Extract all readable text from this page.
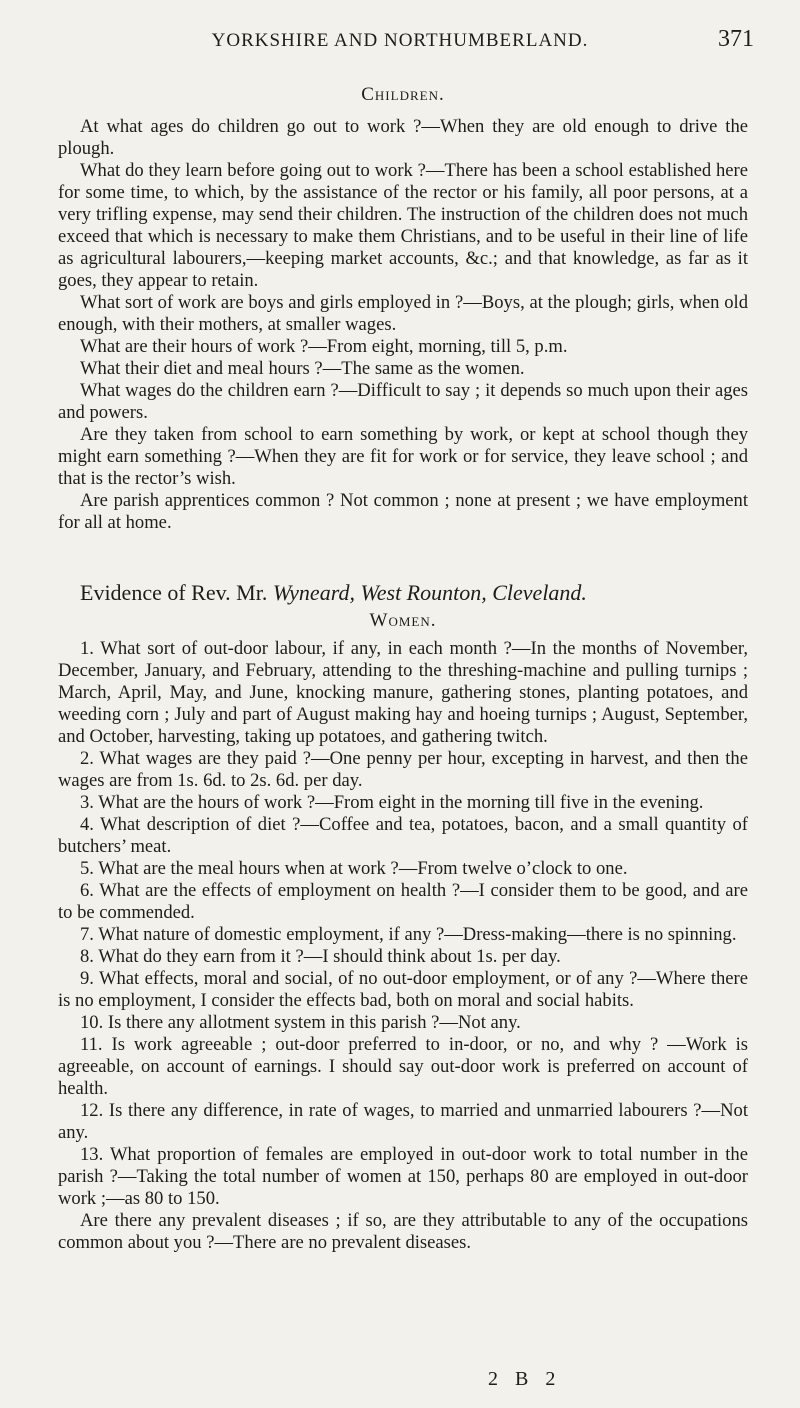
YORKSHIRE AND NORTHUMBERLAND.	371
Children.

At what ages do children go out to work ?—When they are old enough to drive the plough.

What do they learn before going out to work ?—There has been a school established here for some time, to which, by the assistance of the rector or his family, all poor persons, at a very trifling expense, may send their children. The instruction of the children does not much exceed that which is necessary to make them Christians, and to be useful in their line of life as agricultural labourers,—keeping market accounts, &c.; and that knowledge, as far as it goes, they appear to retain.

What sort of work are boys and girls employed in ?—Boys, at the plough; girls, when old enough, with their mothers, at smaller wages.

What are their hours of work ?—From eight, morning, till 5, p.m.

What their diet and meal hours ?—The same as the women.

What wages do the children earn ?—Difficult to say ; it depends so much upon their ages and powers.

Are they taken from school to earn something by work, or kept at school though they might earn something ?—When they are fit for work or for service, they leave school ; and that is the rector’s wish.

Are parish apprentices common ? Not common ; none at present ; we have employment for all at home.

Evidence of Rev. Mr. Wyneard, West Rounton, Cleveland.
Women.

1. What sort of out-door labour, if any, in each month ?—In the months of November, December, January, and February, attending to the threshing-machine and pulling turnips ; March, April, May, and June, knocking manure, gathering stones, planting potatoes, and weeding corn ; July and part of August making hay and hoeing turnips ; August, September, and October, harvesting, taking up potatoes, and gathering twitch.

2. What wages are they paid ?—One penny per hour, excepting in harvest, and then the wages are from 1s. 6d. to 2s. 6d. per day.

3. What are the hours of work ?—From eight in the morning till five in the evening.

4. What description of diet ?—Coffee and tea, potatoes, bacon, and a small quantity of butchers’ meat.

5. What are the meal hours when at work ?—From twelve o’clock to one.

6. What are the effects of employment on health ?—I consider them to be good, and are to be commended.

7. What nature of domestic employment, if any ?—Dress-making—there is no spinning.

8. What do they earn from it ?—I should think about 1s. per day.

9. What effects, moral and social, of no out-door employment, or of any ?—Where there is no employment, I consider the effects bad, both on moral and social habits.

10. Is there any allotment system in this parish ?—Not any.

11. Is work agreeable ; out-door preferred to in-door, or no, and why ? —Work is agreeable, on account of earnings. I should say out-door work is preferred on account of health.

12. Is there any difference, in rate of wages, to married and unmarried labourers ?—Not any.

13. What proportion of females are employed in out-door work to total number in the parish ?—Taking the total number of women at 150, perhaps 80 are employed in out-door work ;—as 80 to 150.

Are there any prevalent diseases ; if so, are they attributable to any of the occupations common about you ?—There are no prevalent diseases.

2 B 2
